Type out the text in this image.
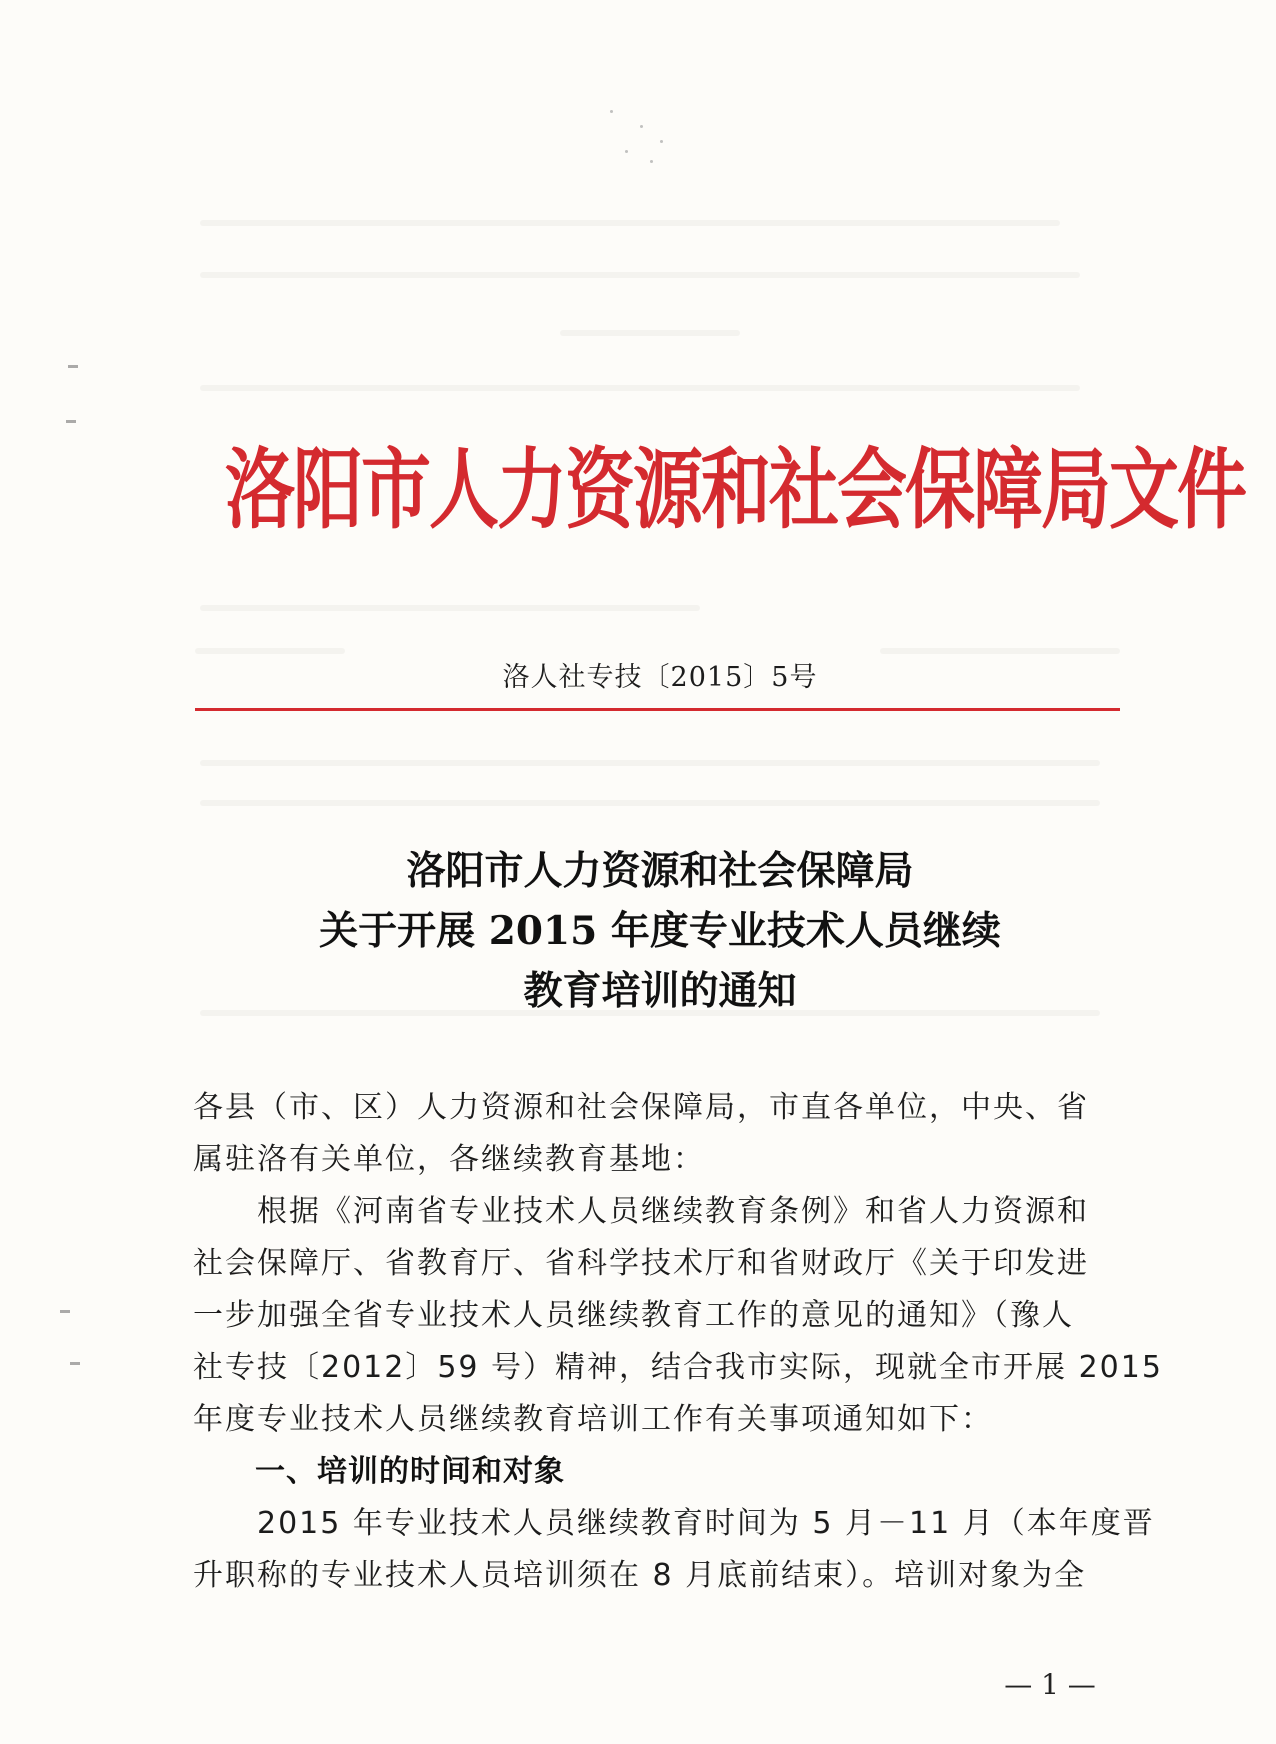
洛阳市人力资源和社会保障局文件
洛人社专技〔2015〕5号
洛阳市人力资源和社会保障局
关于开展 2015 年度专业技术人员继续
教育培训的通知
各县（市、区）人力资源和社会保障局，市直各单位，中央、省
属驻洛有关单位，各继续教育基地：
　　根据《河南省专业技术人员继续教育条例》和省人力资源和
社会保障厅、省教育厅、省科学技术厅和省财政厅《关于印发进
一步加强全省专业技术人员继续教育工作的意见的通知》（豫人
社专技〔2012〕59 号）精神，结合我市实际，现就全市开展 2015
年度专业技术人员继续教育培训工作有关事项通知如下：
一、培训的时间和对象
　　2015 年专业技术人员继续教育时间为 5 月－11 月（本年度晋
升职称的专业技术人员培训须在 8 月底前结束）。培训对象为全
— 1 —
